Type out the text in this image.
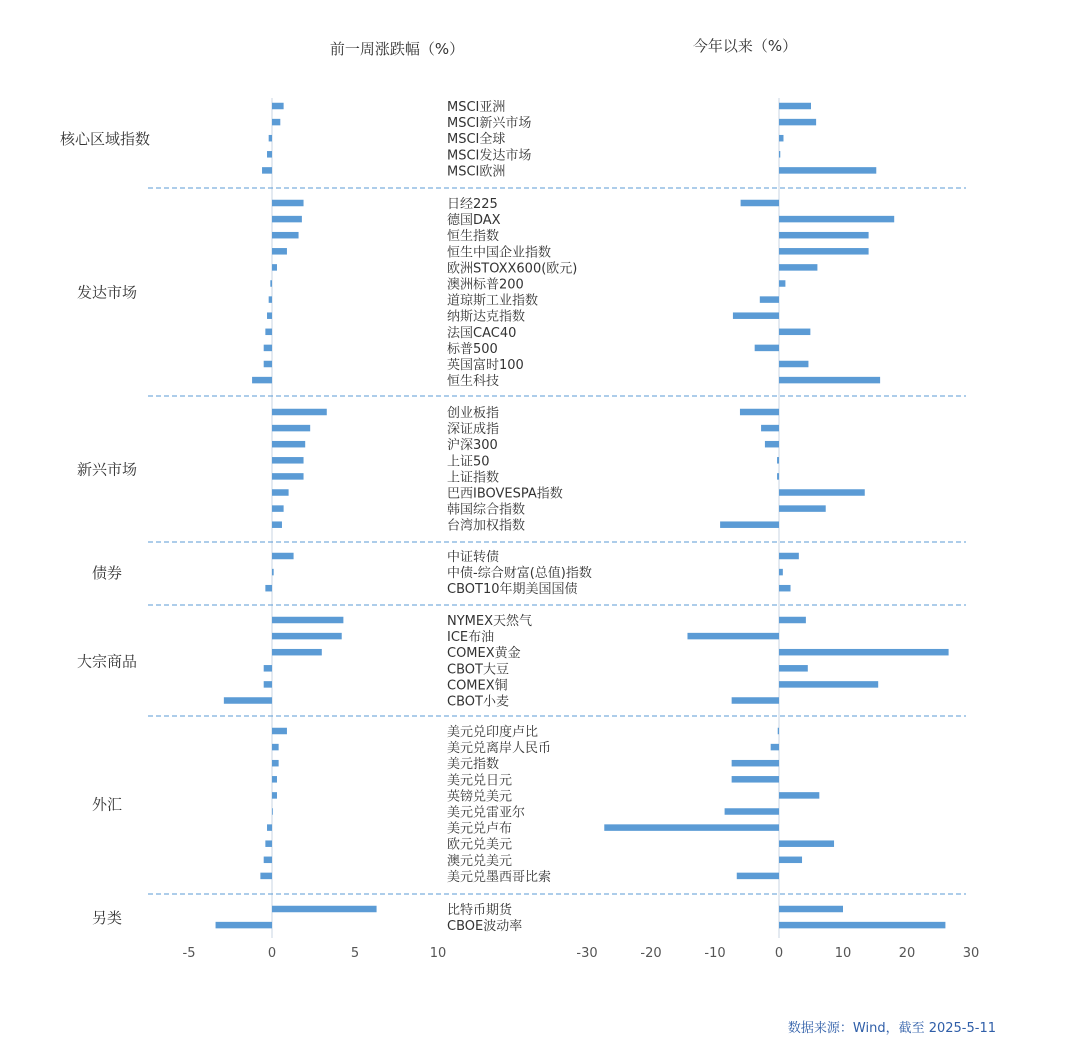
前一周涨跌幅（%）	今年以来（%）
MSCI亚洲
MSCI新兴市场
MSCI全球
MSCI发达市场
MSCI欧洲
日经225
德国DAX
恒生指数
恒生中国企业指数
欧洲STOXX600(欧元)
澳洲标普200
道琼斯工业指数
纳斯达克指数
法国CAC40
标普500
英国富时100
恒生科技
创业板指
深证成指
沪深300
上证50
上证指数
巴西IBOVESPA指数
韩国综合指数
台湾加权指数
中证转债
中债-综合财富(总值)指数
CBOT10年期美国国债
NYMEX天然气
ICE布油
COMEX黄金
CBOT大豆
COMEX铜
CBOT小麦
美元兑印度卢比
美元兑离岸人民币
美元指数
美元兑日元
英镑兑美元
美元兑雷亚尔
美元兑卢布
欧元兑美元
澳元兑美元
美元兑墨西哥比索
比特币期货
CBOE波动率
核心区域指数
发达市场
新兴市场
债券
大宗商品
外汇
另类
-5	0	5	10	-30	-20	-10	0	10	20	30
数据来源：Wind，截至 2025-5-11
